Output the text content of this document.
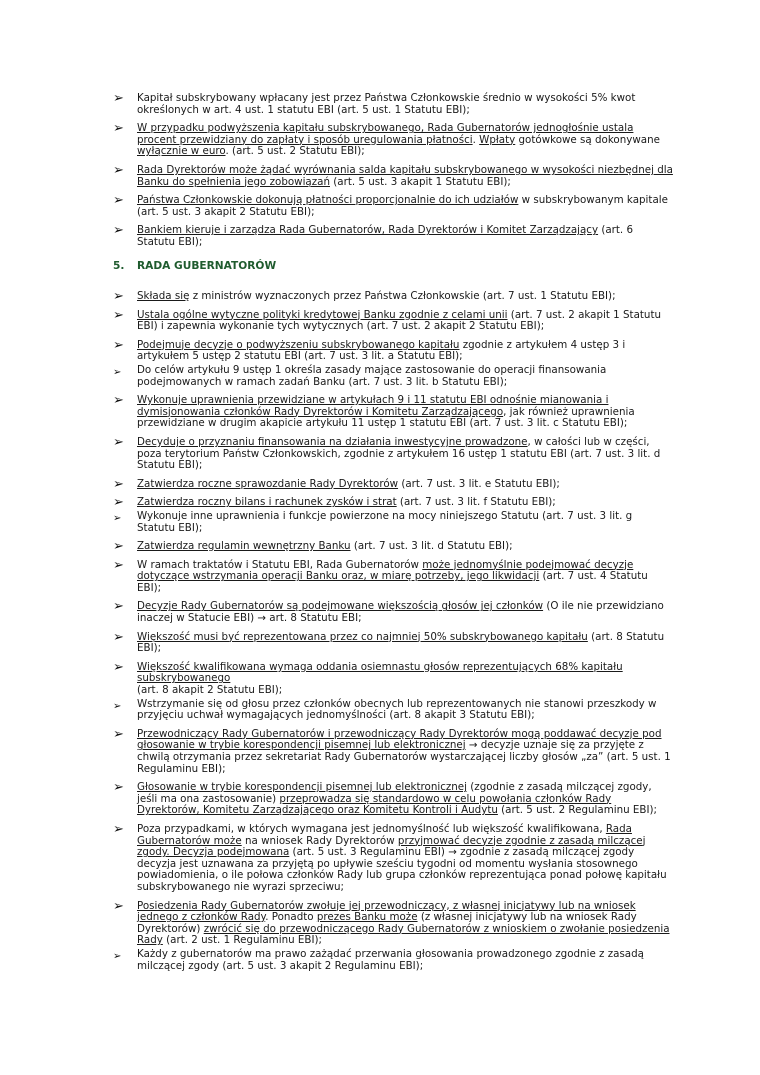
➢ Kapitał subskrybowany wpłacany jest przez Państwa Członkowskie średnio w wysokości 5% kwot określonych w art. 4 ust. 1 statutu EBI (art. 5 ust. 1 Statutu EBI);
➢ W przypadku podwyższenia kapitału subskrybowanego, Rada Gubernatorów jednogłośnie ustala procent przewidziany do zapłaty i sposób uregulowania płatności. Wpłaty gotówkowe są dokonywane wyłącznie w euro. (art. 5 ust. 2 Statutu EBI);
➢ Rada Dyrektorów może żądać wyrównania salda kapitału subskrybowanego w wysokości niezbędnej dla Banku do spełnienia jego zobowiązań (art. 5 ust. 3 akapit 1 Statutu EBI);
➢ Państwa Członkowskie dokonują płatności proporcjonalnie do ich udziałów w subskrybowanym kapitale (art. 5 ust. 3 akapit 2 Statutu EBI);
➢ Bankiem kieruje i zarządza Rada Gubernatorów, Rada Dyrektorów i Komitet Zarządzający (art. 6 Statutu EBI);
5. RADA GUBERNATORÓW
➢ Składa się z ministrów wyznaczonych przez Państwa Członkowskie (art. 7 ust. 1 Statutu EBI);
➢ Ustala ogólne wytyczne polityki kredytowej Banku zgodnie z celami unii (art. 7 ust. 2 akapit 1 Statutu EBI) i zapewnia wykonanie tych wytycznych (art. 7 ust. 2 akapit 2 Statutu EBI);
➢ Podejmuje decyzje o podwyższeniu subskrybowanego kapitału zgodnie z artykułem 4 ustęp 3 i artykułem 5 ustęp 2 statutu EBI (art. 7 ust. 3 lit. a Statutu EBI);
➢ Do celów artykułu 9 ustęp 1 określa zasady mające zastosowanie do operacji finansowania podejmowanych w ramach zadań Banku (art. 7 ust. 3 lit. b Statutu EBI);
➢ Wykonuje uprawnienia przewidziane w artykułach 9 i 11 statutu EBI odnośnie mianowania i dymisjonowania członków Rady Dyrektorów i Komitetu Zarządzającego, jak również uprawnienia przewidziane w drugim akapicie artykułu 11 ustęp 1 statutu EBI (art. 7 ust. 3 lit. c Statutu EBI);
➢ Decyduje o przyznaniu finansowania na działania inwestycyjne prowadzone, w całości lub w części, poza terytorium Państw Członkowskich, zgodnie z artykułem 16 ustęp 1 statutu EBI (art. 7 ust. 3 lit. d Statutu EBI);
➢ Zatwierdza roczne sprawozdanie Rady Dyrektorów (art. 7 ust. 3 lit. e Statutu EBI);
➢ Zatwierdza roczny bilans i rachunek zysków i strat (art. 7 ust. 3 lit. f Statutu EBI);
➢ Wykonuje inne uprawnienia i funkcje powierzone na mocy niniejszego Statutu (art. 7 ust. 3 lit. g Statutu EBI);
➢ Zatwierdza regulamin wewnętrzny Banku (art. 7 ust. 3 lit. d Statutu EBI);
➢ W ramach traktatów i Statutu EBI, Rada Gubernatorów może jednomyślnie podejmować decyzje dotyczące wstrzymania operacji Banku oraz, w miarę potrzeby, jego likwidacji (art. 7 ust. 4 Statutu EBI);
➢ Decyzje Rady Gubernatorów są podejmowane większością głosów jej członków (O ile nie przewidziano inaczej w Statucie EBI) → art. 8 Statutu EBI;
➢ Większość musi być reprezentowana przez co najmniej 50% subskrybowanego kapitału (art. 8 Statutu EBI);
➢ Większość kwalifikowana wymaga oddania osiemnastu głosów reprezentujących 68% kapitału subskrybowanego
(art. 8 akapit 2 Statutu EBI);
➢ Wstrzymanie się od głosu przez członków obecnych lub reprezentowanych nie stanowi przeszkody w przyjęciu uchwał wymagających jednomyślności (art. 8 akapit 3 Statutu EBI);
➢ Przewodniczący Rady Gubernatorów i przewodniczący Rady Dyrektorów mogą poddawać decyzje pod głosowanie w trybie korespondencji pisemnej lub elektronicznej → decyzje uznaje się za przyjęte z chwilą otrzymania przez sekretariat Rady Gubernatorów wystarczającej liczby głosów „za” (art. 5 ust. 1 Regulaminu EBI);
➢ Głosowanie w trybie korespondencji pisemnej lub elektronicznej (zgodnie z zasadą milczącej zgody, jeśli ma ona zastosowanie) przeprowadza się standardowo w celu powołania członków Rady Dyrektorów, Komitetu Zarządzającego oraz Komitetu Kontroli i Audytu (art. 5 ust. 2 Regulaminu EBI);
➢ Poza przypadkami, w których wymagana jest jednomyślność lub większość kwalifikowana, Rada Gubernatorów może na wniosek Rady Dyrektorów przyjmować decyzje zgodnie z zasadą milczącej zgody. Decyzja podejmowana (art. 5 ust. 3 Regulaminu EBI) → zgodnie z zasadą milczącej zgody decyzja jest uznawana za przyjętą po upływie sześciu tygodni od momentu wysłania stosownego powiadomienia, o ile połowa członków Rady lub grupa członków reprezentująca ponad połowę kapitału subskrybowanego nie wyrazi sprzeciwu;
➢ Posiedzenia Rady Gubernatorów zwołuje jej przewodniczący, z własnej inicjatywy lub na wniosek jednego z członków Rady. Ponadto prezes Banku może (z własnej inicjatywy lub na wniosek Rady Dyrektorów) zwrócić się do przewodniczącego Rady Gubernatorów z wnioskiem o zwołanie posiedzenia Rady (art. 2 ust. 1 Regulaminu EBI);
➢ Każdy z gubernatorów ma prawo zażądać przerwania głosowania prowadzonego zgodnie z zasadą milczącej zgody (art. 5 ust. 3 akapit 2 Regulaminu EBI);
